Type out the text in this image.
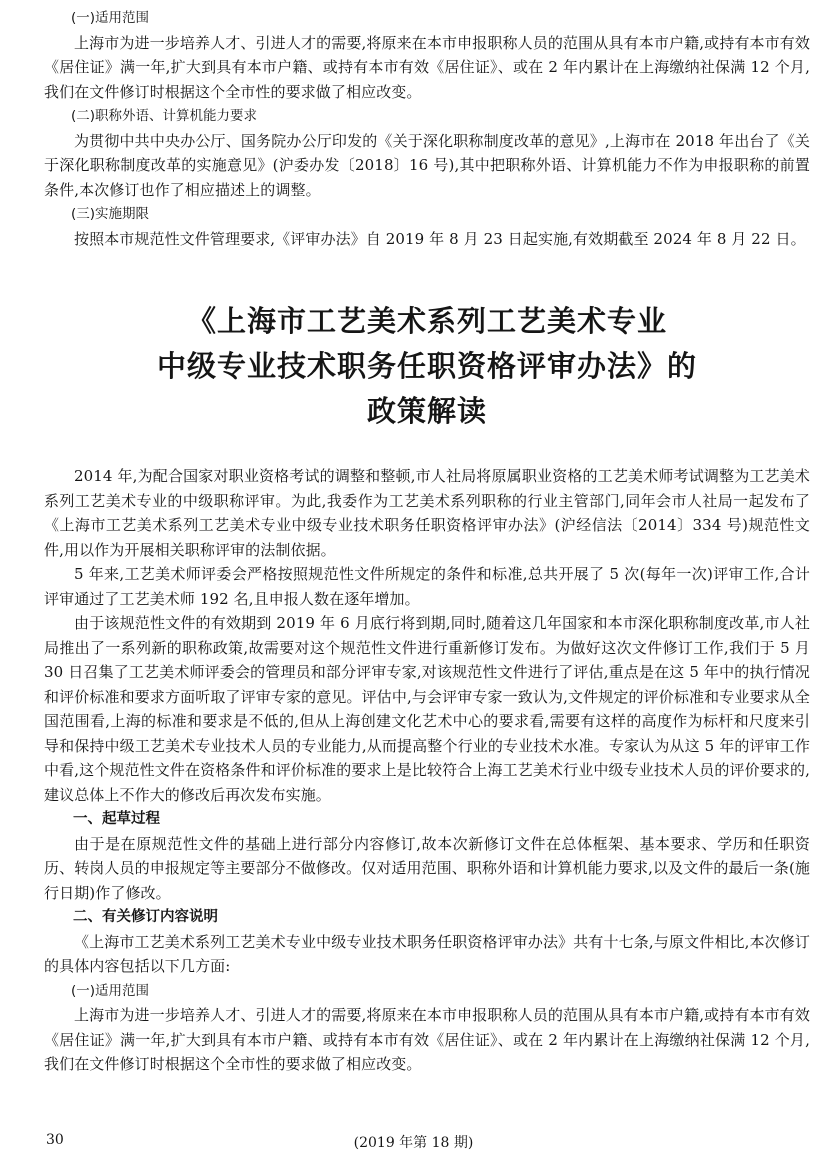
(一)适用范围

上海市为进一步培养人才、引进人才的需要,将原来在本市申报职称人员的范围从具有本市户籍,或持有本市有效《居住证》满一年,扩大到具有本市户籍、或持有本市有效《居住证》、或在 2 年内累计在上海缴纳社保满 12 个月,我们在文件修订时根据这个全市性的要求做了相应改变。

(二)职称外语、计算机能力要求

为贯彻中共中央办公厅、国务院办公厅印发的《关于深化职称制度改革的意见》,上海市在 2018 年出台了《关于深化职称制度改革的实施意见》(沪委办发〔2018〕16 号),其中把职称外语、计算机能力不作为申报职称的前置条件,本次修订也作了相应描述上的调整。

(三)实施期限

按照本市规范性文件管理要求,《评审办法》自 2019 年 8 月 23 日起实施,有效期截至 2024 年 8 月 22 日。

《上海市工艺美术系列工艺美术专业
中级专业技术职务任职资格评审办法》的
政策解读

2014 年,为配合国家对职业资格考试的调整和整顿,市人社局将原属职业资格的工艺美术师考试调整为工艺美术系列工艺美术专业的中级职称评审。为此,我委作为工艺美术系列职称的行业主管部门,同年会市人社局一起发布了《上海市工艺美术系列工艺美术专业中级专业技术职务任职资格评审办法》(沪经信法〔2014〕334 号)规范性文件,用以作为开展相关职称评审的法制依据。

5 年来,工艺美术师评委会严格按照规范性文件所规定的条件和标准,总共开展了 5 次(每年一次)评审工作,合计评审通过了工艺美术师 192 名,且申报人数在逐年增加。

由于该规范性文件的有效期到 2019 年 6 月底行将到期,同时,随着这几年国家和本市深化职称制度改革,市人社局推出了一系列新的职称政策,故需要对这个规范性文件进行重新修订发布。为做好这次文件修订工作,我们于 5 月 30 日召集了工艺美术师评委会的管理员和部分评审专家,对该规范性文件进行了评估,重点是在这 5 年中的执行情况和评价标准和要求方面听取了评审专家的意见。评估中,与会评审专家一致认为,文件规定的评价标准和专业要求从全国范围看,上海的标准和要求是不低的,但从上海创建文化艺术中心的要求看,需要有这样的高度作为标杆和尺度来引导和保持中级工艺美术专业技术人员的专业能力,从而提高整个行业的专业技术水准。专家认为从这 5 年的评审工作中看,这个规范性文件在资格条件和评价标准的要求上是比较符合上海工艺美术行业中级专业技术人员的评价要求的,建议总体上不作大的修改后再次发布实施。

一、起草过程

由于是在原规范性文件的基础上进行部分内容修订,故本次新修订文件在总体框架、基本要求、学历和任职资历、转岗人员的申报规定等主要部分不做修改。仅对适用范围、职称外语和计算机能力要求,以及文件的最后一条(施行日期)作了修改。

二、有关修订内容说明

《上海市工艺美术系列工艺美术专业中级专业技术职务任职资格评审办法》共有十七条,与原文件相比,本次修订的具体内容包括以下几方面:

(一)适用范围

上海市为进一步培养人才、引进人才的需要,将原来在本市申报职称人员的范围从具有本市户籍,或持有本市有效《居住证》满一年,扩大到具有本市户籍、或持有本市有效《居住证》、或在 2 年内累计在上海缴纳社保满 12 个月,我们在文件修订时根据这个全市性的要求做了相应改变。

30	(2019 年第 18 期)
